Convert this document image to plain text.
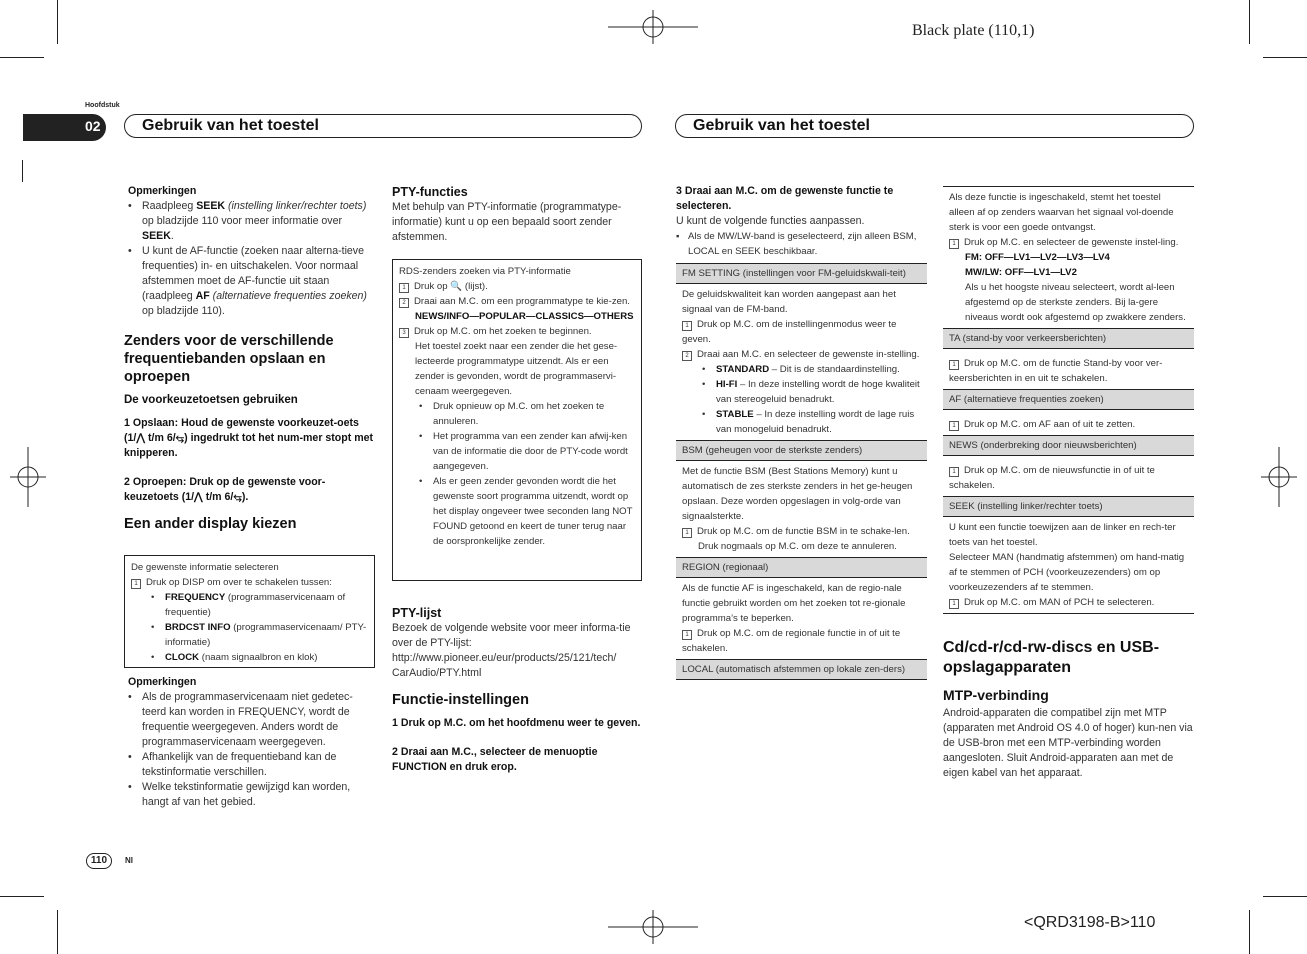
Black plate (110,1)
<QRD3198-B>110
Hoofdstuk
02	Gebruik van het toestel	Gebruik van het toestel

Opmerkingen

• Raadpleeg SEEK (instelling linker/rechter toets) op bladzijde 110 voor meer informatie over SEEK.

• U kunt de AF-functie (zoeken naar alterna-tieve frequenties) in- en uitschakelen. Voor normaal afstemmen moet de AF-functie uit staan (raadpleeg AF (alternatieve frequenties zoeken) op bladzijde 110).

Zenders voor de verschillende frequentiebanden opslaan en oproepen
De voorkeuzetoetsen gebruiken

1 Opslaan: Houd de gewenste voorkeuzet-oets (1/⋀ t/m 6/⥃) ingedrukt tot het num-mer stopt met knipperen.

2 Oproepen: Druk op de gewenste voor-keuzetoets (1/⋀ t/m 6/⥃).

Een ander display kiezen

De gewenste informatie selecteren

1 Druk op DISP om over te schakelen tussen:

• FREQUENCY (programmaservicenaam of frequentie)

• BRDCST INFO (programmaservicenaam/ PTY-informatie)

• CLOCK (naam signaalbron en klok)

Opmerkingen

• Als de programmaservicenaam niet gedetec-teerd kan worden in FREQUENCY, wordt de frequentie weergegeven. Anders wordt de programmaservicenaam weergegeven.

• Afhankelijk van de frequentieband kan de tekstinformatie verschillen.

• Welke tekstinformatie gewijzigd kan worden, hangt af van het gebied.

PTY-functies

Met behulp van PTY-informatie (programmatype-informatie) kunt u op een bepaald soort zender afstemmen.

RDS-zenders zoeken via PTY-informatie

1 Druk op 🔍 (lijst).

2 Draai aan M.C. om een programmatype te kie-zen.

NEWS/INFO—POPULAR—CLASSICS—OTHERS

3 Druk op M.C. om het zoeken te beginnen.

Het toestel zoekt naar een zender die het gese-lecteerde programmatype uitzendt. Als er een zender is gevonden, wordt de programmaservi-cenaam weergegeven.

• Druk opnieuw op M.C. om het zoeken te annuleren.

• Het programma van een zender kan afwij-ken van de informatie die door de PTY-code wordt aangegeven.

• Als er geen zender gevonden wordt die het gewenste soort programma uitzendt, wordt op het display ongeveer twee seconden lang NOT FOUND getoond en keert de tuner terug naar de oorspronkelijke zender.

PTY-lijst

Bezoek de volgende website voor meer informa-tie over de PTY-lijst: http://www.pioneer.eu/eur/products/25/121/tech/ CarAudio/PTY.html

Functie-instellingen

1 Druk op M.C. om het hoofdmenu weer te geven.

2 Draai aan M.C., selecteer de menuoptie FUNCTION en druk erop.

3 Draai aan M.C. om de gewenste functie te selecteren.

U kunt de volgende functies aanpassen.

▪ Als de MW/LW-band is geselecteerd, zijn alleen BSM, LOCAL en SEEK beschikbaar.

FM SETTING (instellingen voor FM-geluidskwali-teit)

De geluidskwaliteit kan worden aangepast aan het signaal van de FM-band.

1 Druk op M.C. om de instellingenmodus weer te geven.

2 Draai aan M.C. en selecteer de gewenste in-stelling.

• STANDARD – Dit is de standaardinstelling.

• HI-FI – In deze instelling wordt de hoge kwaliteit van stereogeluid benadrukt.

• STABLE – In deze instelling wordt de lage ruis van monogeluid benadrukt.

BSM (geheugen voor de sterkste zenders)

Met de functie BSM (Best Stations Memory) kunt u automatisch de zes sterkste zenders in het ge-heugen opslaan. Deze worden opgeslagen in volg-orde van signaalsterkte.

1 Druk op M.C. om de functie BSM in te schake-len.

Druk nogmaals op M.C. om deze te annuleren.

REGION (regionaal)

Als de functie AF is ingeschakeld, kan de regio-nale functie gebruikt worden om het zoeken tot re-gionale programma’s te beperken.

1 Druk op M.C. om de regionale functie in of uit te schakelen.

LOCAL (automatisch afstemmen op lokale zen-ders)

Als deze functie is ingeschakeld, stemt het toestel alleen af op zenders waarvan het signaal vol-doende sterk is voor een goede ontvangst.

1 Druk op M.C. en selecteer de gewenste instel-ling.

FM: OFF—LV1—LV2—LV3—LV4

MW/LW: OFF—LV1—LV2

Als u het hoogste niveau selecteert, wordt al-leen afgestemd op de sterkste zenders. Bij la-gere niveaus wordt ook afgestemd op zwakkere zenders.

TA (stand-by voor verkeersberichten)

1 Druk op M.C. om de functie Stand-by voor ver-keersberichten in en uit te schakelen.

AF (alternatieve frequenties zoeken)

1 Druk op M.C. om AF aan of uit te zetten.

NEWS (onderbreking door nieuwsberichten)

1 Druk op M.C. om de nieuwsfunctie in of uit te schakelen.

SEEK (instelling linker/rechter toets)

U kunt een functie toewijzen aan de linker en rech-ter toets van het toestel.

Selecteer MAN (handmatig afstemmen) om hand-matig af te stemmen of PCH (voorkeuzezenders) om op voorkeuzezenders af te stemmen.

1 Druk op M.C. om MAN of PCH te selecteren.

Cd/cd-r/cd-rw-discs en USB-opslagapparaten
MTP-verbinding

Android-apparaten die compatibel zijn met MTP (apparaten met Android OS 4.0 of hoger) kun-nen via de USB-bron met een MTP-verbinding worden aangesloten. Sluit Android-apparaten aan met de eigen kabel van het apparaat.

110	Nl
